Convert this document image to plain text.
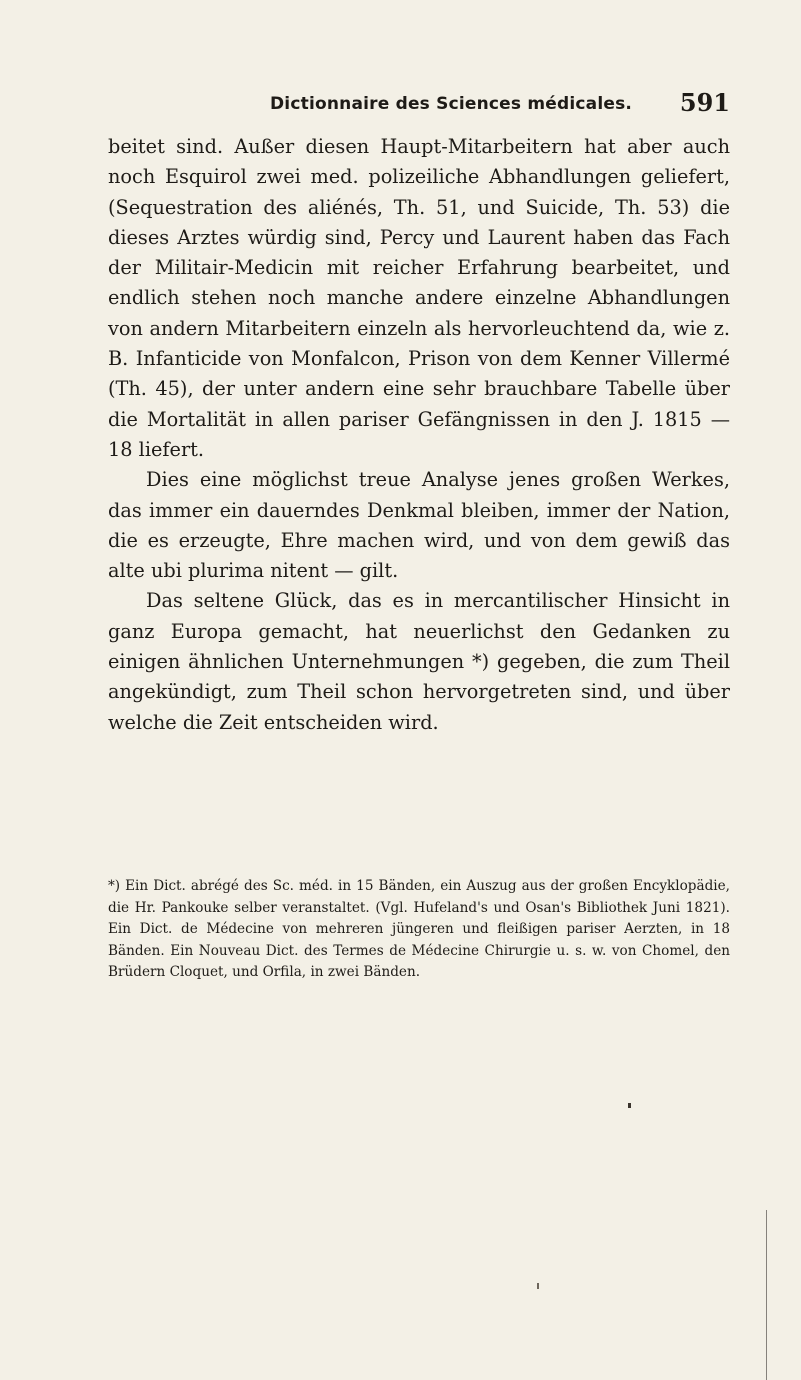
Dictionnaire des Sciences médicales. 591

beitet sind. Außer diesen Haupt-Mitarbeitern hat aber auch noch Esquirol zwei med. polizeiliche Abhandlungen geliefert, (Sequestration des aliénés, Th. 51, und Suicide, Th. 53) die dieses Arztes würdig sind, Percy und Laurent haben das Fach der Militair-Medicin mit reicher Erfahrung bearbeitet, und endlich stehen noch manche andere einzelne Abhandlungen von andern Mitarbeitern einzeln als hervorleuchtend da, wie z. B. Infanticide von Monfalcon, Prison von dem Kenner Villermé (Th. 45), der unter andern eine sehr brauchbare Tabelle über die Mortalität in allen pariser Gefängnissen in den J. 1815 — 18 liefert.

Dies eine möglichst treue Analyse jenes großen Werkes, das immer ein dauerndes Denkmal bleiben, immer der Nation, die es erzeugte, Ehre machen wird, und von dem gewiß das alte ubi plurima nitent — gilt.

Das seltene Glück, das es in mercantilischer Hinsicht in ganz Europa gemacht, hat neuerlichst den Gedanken zu einigen ähnlichen Unternehmungen *) gegeben, die zum Theil angekündigt, zum Theil schon hervorgetreten sind, und über welche die Zeit entscheiden wird.

*) Ein Dict. abrégé des Sc. méd. in 15 Bänden, ein Auszug aus der großen Encyklopädie, die Hr. Pankouke selber veranstaltet. (Vgl. Hufeland's und Osan's Bibliothek Juni 1821). Ein Dict. de Médecine von mehreren jüngeren und fleißigen pariser Aerzten, in 18 Bänden. Ein Nouveau Dict. des Termes de Médecine Chirurgie u. s. w. von Chomel, den Brüdern Cloquet, und Orfila, in zwei Bänden.
